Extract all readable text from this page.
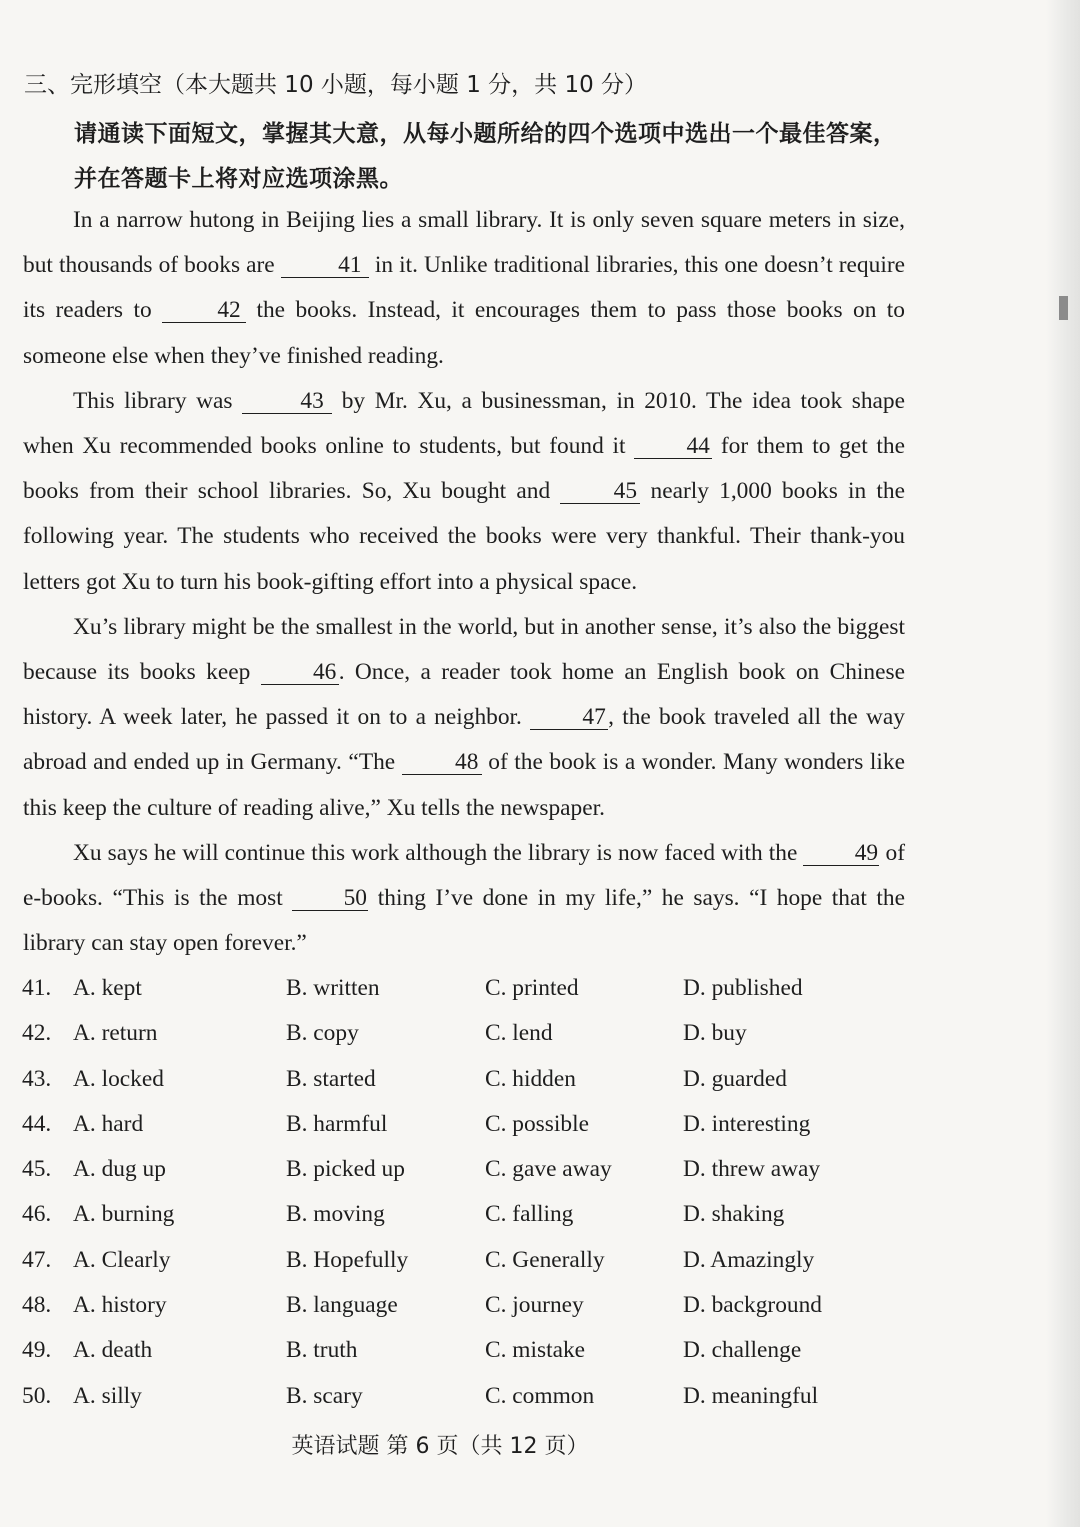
三、完形填空（本大题共 10 小题，每小题 1 分，共 10 分）
请通读下面短文，掌握其大意，从每小题所给的四个选项中选出一个最佳答案，并在答题卡上将对应选项涂黑。

In a narrow hutong in Beijing lies a small library. It is only seven square meters in size, but thousands of books are 41 in it. Unlike traditional libraries, this one doesn’t require its readers to 42 the books. Instead, it encourages them to pass those books on to someone else when they’ve finished reading.

This library was 43 by Mr. Xu, a businessman, in 2010. The idea took shape when Xu recommended books online to students, but found it 44 for them to get the books from their school libraries. So, Xu bought and 45 nearly 1,000 books in the following year. The students who received the books were very thankful. Their thank-you letters got Xu to turn his book-gifting effort into a physical space.

Xu’s library might be the smallest in the world, but in another sense, it’s also the biggest because its books keep 46. Once, a reader took home an English book on Chinese history. A week later, he passed it on to a neighbor. 47, the book traveled all the way abroad and ended up in Germany. “The 48 of the book is a wonder. Many wonders like this keep the culture of reading alive,” Xu tells the newspaper.

Xu says he will continue this work although the library is now faced with the 49 of e-books. “This is the most 50 thing I’ve done in my life,” he says. “I hope that the library can stay open forever.”

41. A. kept	B. written	C. printed	D. published
42. A. return	B. copy	C. lend	D. buy
43. A. locked	B. started	C. hidden	D. guarded
44. A. hard	B. harmful	C. possible	D. interesting
45. A. dug up	B. picked up	C. gave away	D. threw away
46. A. burning	B. moving	C. falling	D. shaking
47. A. Clearly	B. Hopefully	C. Generally	D. Amazingly
48. A. history	B. language	C. journey	D. background
49. A. death	B. truth	C. mistake	D. challenge
50. A. silly	B. scary	C. common	D. meaningful
英语试题 第 6 页（共 12 页）
